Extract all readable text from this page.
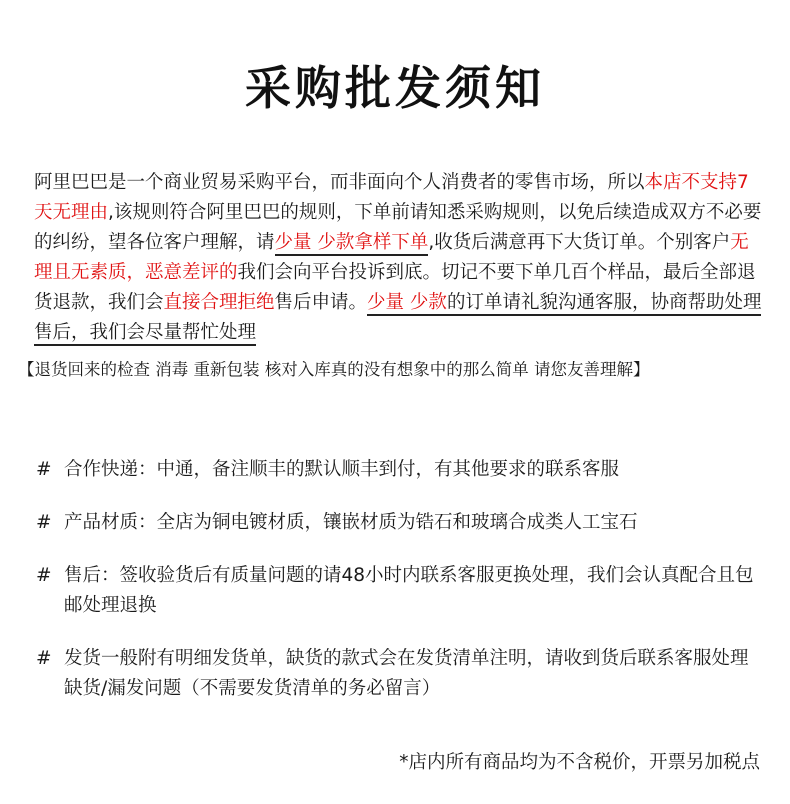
采购批发须知
阿里巴巴是一个商业贸易采购平台，而非面向个人消费者的零售市场，所以本店不支持7天无理由,该规则符合阿里巴巴的规则，下单前请知悉采购规则，以免后续造成双方不必要的纠纷，望各位客户理解，请少量 少款拿样下单,收货后满意再下大货订单。个别客户无理且无素质，恶意差评的我们会向平台投诉到底。切记不要下单几百个样品，最后全部退货退款，我们会直接合理拒绝售后申请。少量 少款的订单请礼貌沟通客服，协商帮助处理售后，我们会尽量帮忙处理
【退货回来的检查 消毒 重新包装 核对入库真的没有想象中的那么简单 请您友善理解】
# 合作快递：中通，备注顺丰的默认顺丰到付，有其他要求的联系客服
# 产品材质：全店为铜电镀材质，镶嵌材质为锆石和玻璃合成类人工宝石
# 售后：签收验货后有质量问题的请48小时内联系客服更换处理，我们会认真配合且包邮处理退换
# 发货一般附有明细发货单，缺货的款式会在发货清单注明，请收到货后联系客服处理缺货/漏发问题（不需要发货清单的务必留言）
*店内所有商品均为不含税价，开票另加税点
